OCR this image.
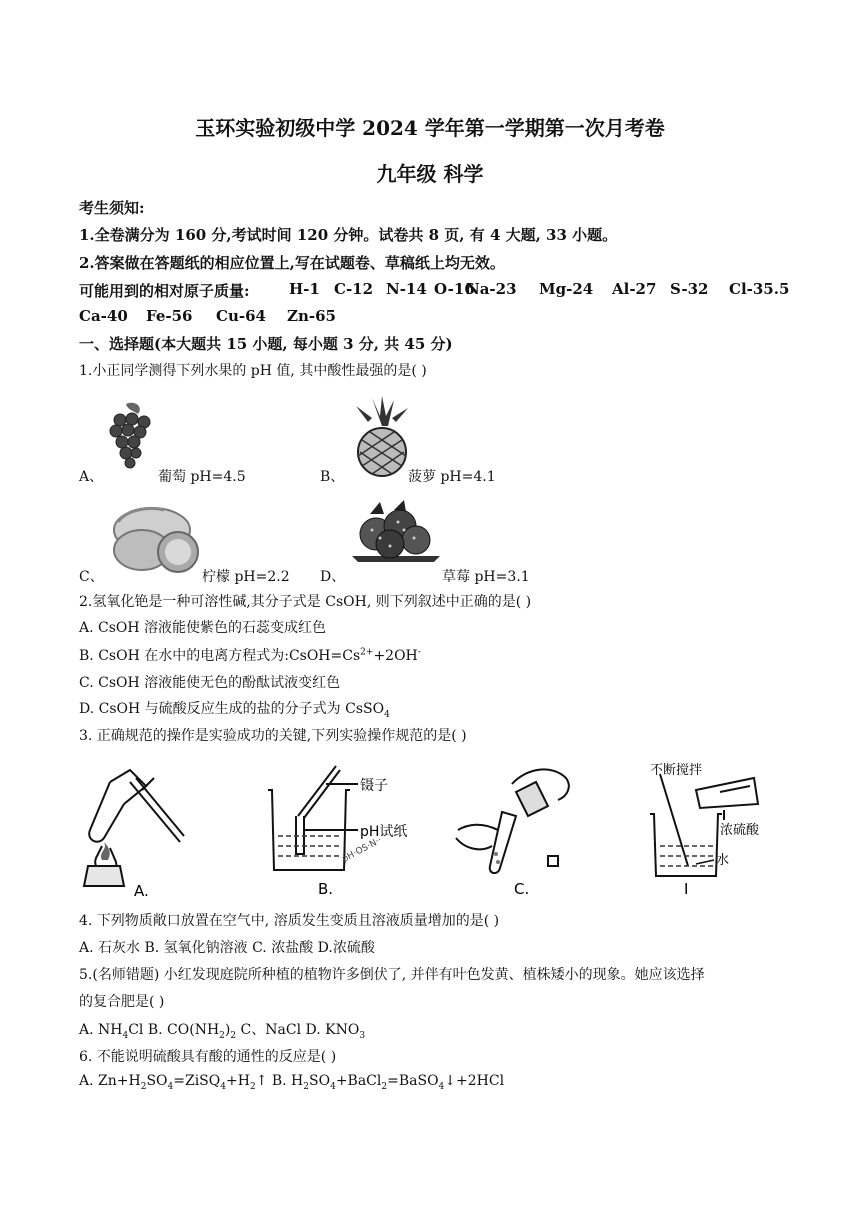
玉环实验初级中学 2024 学年第一学期第一次月考卷
九年级 科学
考生须知:
1.全卷满分为 160 分,考试时间 120 分钟。试卷共 8 页, 有 4 大题, 33 小题。
2.答案做在答题纸的相应位置上,写在试题卷、草稿纸上均无效。
可能用到的相对原子质量:	H-1 C-12 N-14 O-16
Na-23 Mg-24 Al-27 S-32 Cl-35.5
Ca-40 Fe-56 Cu-64 Zn-65
一、选择题(本大题共 15 小题, 每小题 3 分, 共 45 分)
1.小正同学测得下列水果的 pH 值, 其中酸性最强的是( )
A、	葡萄 pH=4.5	B、	菠萝 pH=4.1
C、	柠檬 pH=2.2 D、	草莓 pH=3.1
2.氢氧化铯是一种可溶性碱,其分子式是 CsOH, 则下列叙述中正确的是( )
A. CsOH 溶液能使紫色的石蕊变成红色
B. CsOH 在水中的电离方程式为$:CsOH=Cs^{2+}+2OH^-$
C. CsOH 溶液能使无色的酚酞试液变红色
D. CsOH 与硫酸反应生成的盐的分子式为 CsSO$_4$
3. 正确规范的操作是实验成功的关键,下列实验操作规范的是( )
A.
镊子
pH试纸
pH·OS·N··
B.	C.
不断搅拌
浓硫酸
水
I
4. 下列物质敞口放置在空气中, 溶质发生变质且溶液质量增加的是( )
A. 石灰水 B. 氢氧化钠溶液 C. 浓盐酸 D.浓硫酸
5.(名师错题) 小红发现庭院所种植的植物许多倒伏了, 并伴有叶色发黄、植株矮小的现象。她应该选择
的复合肥是( )
A. $NH_4Cl$ B. $CO(NH_2)_2$ C、NaCl D. $KNO_3$
6. 不能说明硫酸具有酸的通性的反应是( )
A. $Zn+H_2SO_4=ZiSQ_4+H_2↑$ B. $H_2SO_4+BaCl_2=BaSO_4↓+2HCl$
